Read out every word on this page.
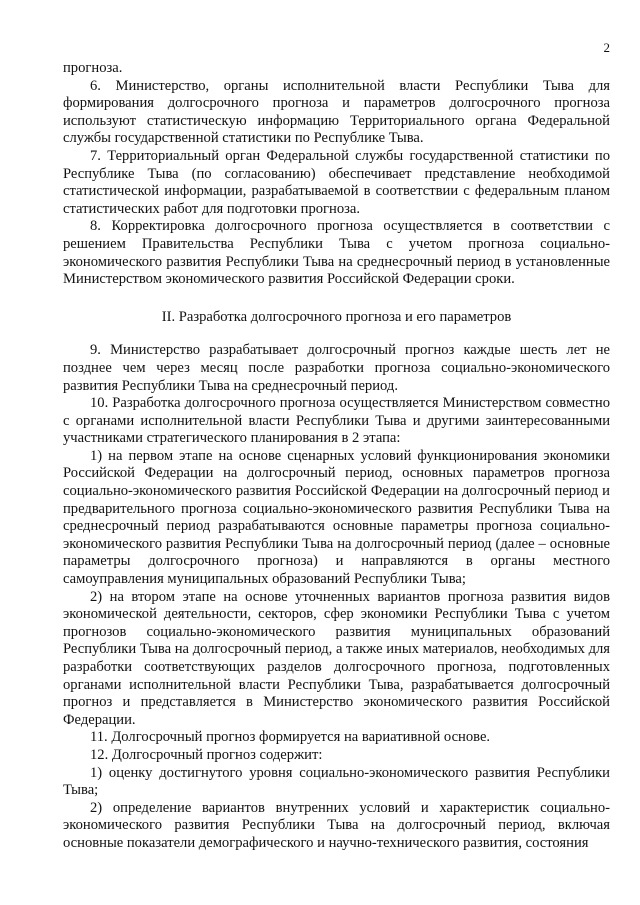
2

прогноза.

6. Министерство, органы исполнительной власти Республики Тыва для формирования долгосрочного прогноза и параметров долгосрочного прогноза используют статистическую информацию Территориального органа Федеральной службы государственной статистики по Республике Тыва.

7. Территориальный орган Федеральной службы государственной статистики по Республике Тыва (по согласованию) обеспечивает представление необходимой статистической информации, разрабатываемой в соответствии с федеральным планом статистических работ для подготовки прогноза.

8. Корректировка долгосрочного прогноза осуществляется в соответствии с решением Правительства Республики Тыва с учетом прогноза социально-экономического развития Республики Тыва на среднесрочный период в установленные Министерством экономического развития Российской Федерации сроки.

II. Разработка долгосрочного прогноза и его параметров

9. Министерство разрабатывает долгосрочный прогноз каждые шесть лет не позднее чем через месяц после разработки прогноза социально-экономического развития Республики Тыва на среднесрочный период.

10. Разработка долгосрочного прогноза осуществляется Министерством совместно с органами исполнительной власти Республики Тыва и другими заинтересованными участниками стратегического планирования в 2 этапа:

1) на первом этапе на основе сценарных условий функционирования экономики Российской Федерации на долгосрочный период, основных параметров прогноза социально-экономического развития Российской Федерации на долгосрочный период и предварительного прогноза социально-экономического развития Республики Тыва на среднесрочный период разрабатываются основные параметры прогноза социально-экономического развития Республики Тыва на долгосрочный период (далее – основные параметры долгосрочного прогноза) и направляются в органы местного самоуправления муниципальных образований Республики Тыва;

2) на втором этапе на основе уточненных вариантов прогноза развития видов экономической деятельности, секторов, сфер экономики Республики Тыва с учетом прогнозов социально-экономического развития муниципальных образований Республики Тыва на долгосрочный период, а также иных материалов, необходимых для разработки соответствующих разделов долгосрочного прогноза, подготовленных органами исполнительной власти Республики Тыва, разрабатывается долгосрочный прогноз и представляется в Министерство экономического развития Российской Федерации.

11. Долгосрочный прогноз формируется на вариативной основе.

12. Долгосрочный прогноз содержит:

1) оценку достигнутого уровня социально-экономического развития Республики Тыва;

2) определение вариантов внутренних условий и характеристик социально-экономического развития Республики Тыва на долгосрочный период, включая основные показатели демографического и научно-технического развития, состояния
